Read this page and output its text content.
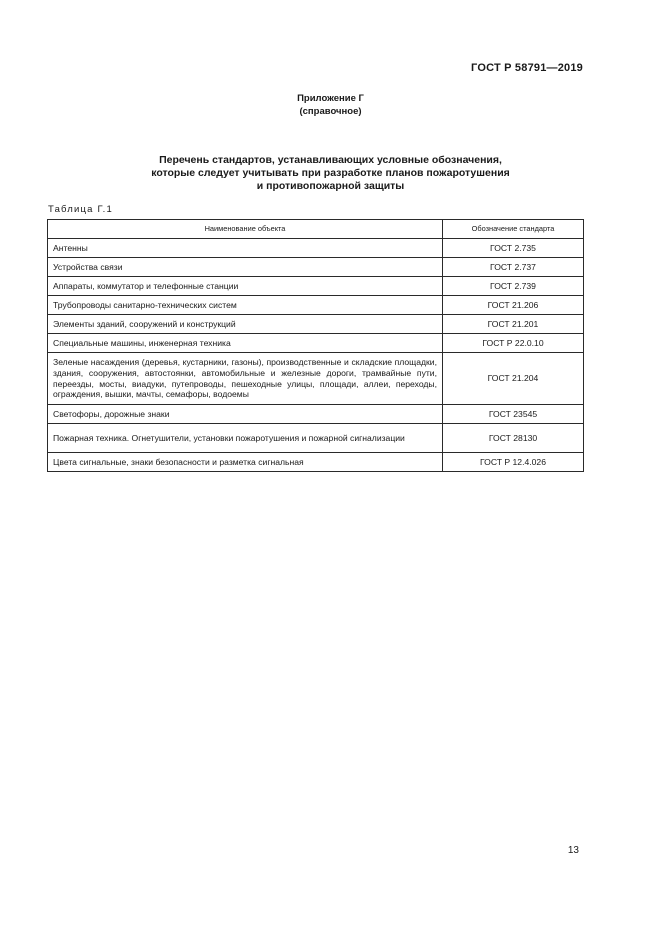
ГОСТ Р 58791—2019
Приложение Г
(справочное)
Перечень стандартов, устанавливающих условные обозначения,
которые следует учитывать при разработке планов пожаротушения
и противопожарной защиты
Таблица Г.1
Наименование объекта	Обозначение стандарта
Антенны	ГОСТ 2.735
Устройства связи	ГОСТ 2.737
Аппараты, коммутатор и телефонные станции	ГОСТ 2.739
Трубопроводы санитарно-технических систем	ГОСТ 21.206
Элементы зданий, сооружений и конструкций	ГОСТ 21.201
Специальные машины, инженерная техника	ГОСТ Р 22.0.10
Зеленые насаждения (деревья, кустарники, газоны), производственные и складские площадки, здания, сооружения, автостоянки, автомобильные и железные дороги, трамвайные пути, переезды, мосты, виадуки, путепроводы, пешеходные улицы, площади, аллеи, переходы, ограждения, вышки, мачты, семафоры, водоемы	ГОСТ 21.204
Светофоры, дорожные знаки	ГОСТ 23545
Пожарная техника. Огнетушители, установки пожаротушения и пожарной сигнализации	ГОСТ 28130
Цвета сигнальные, знаки безопасности и разметка сигнальная	ГОСТ Р 12.4.026
13
